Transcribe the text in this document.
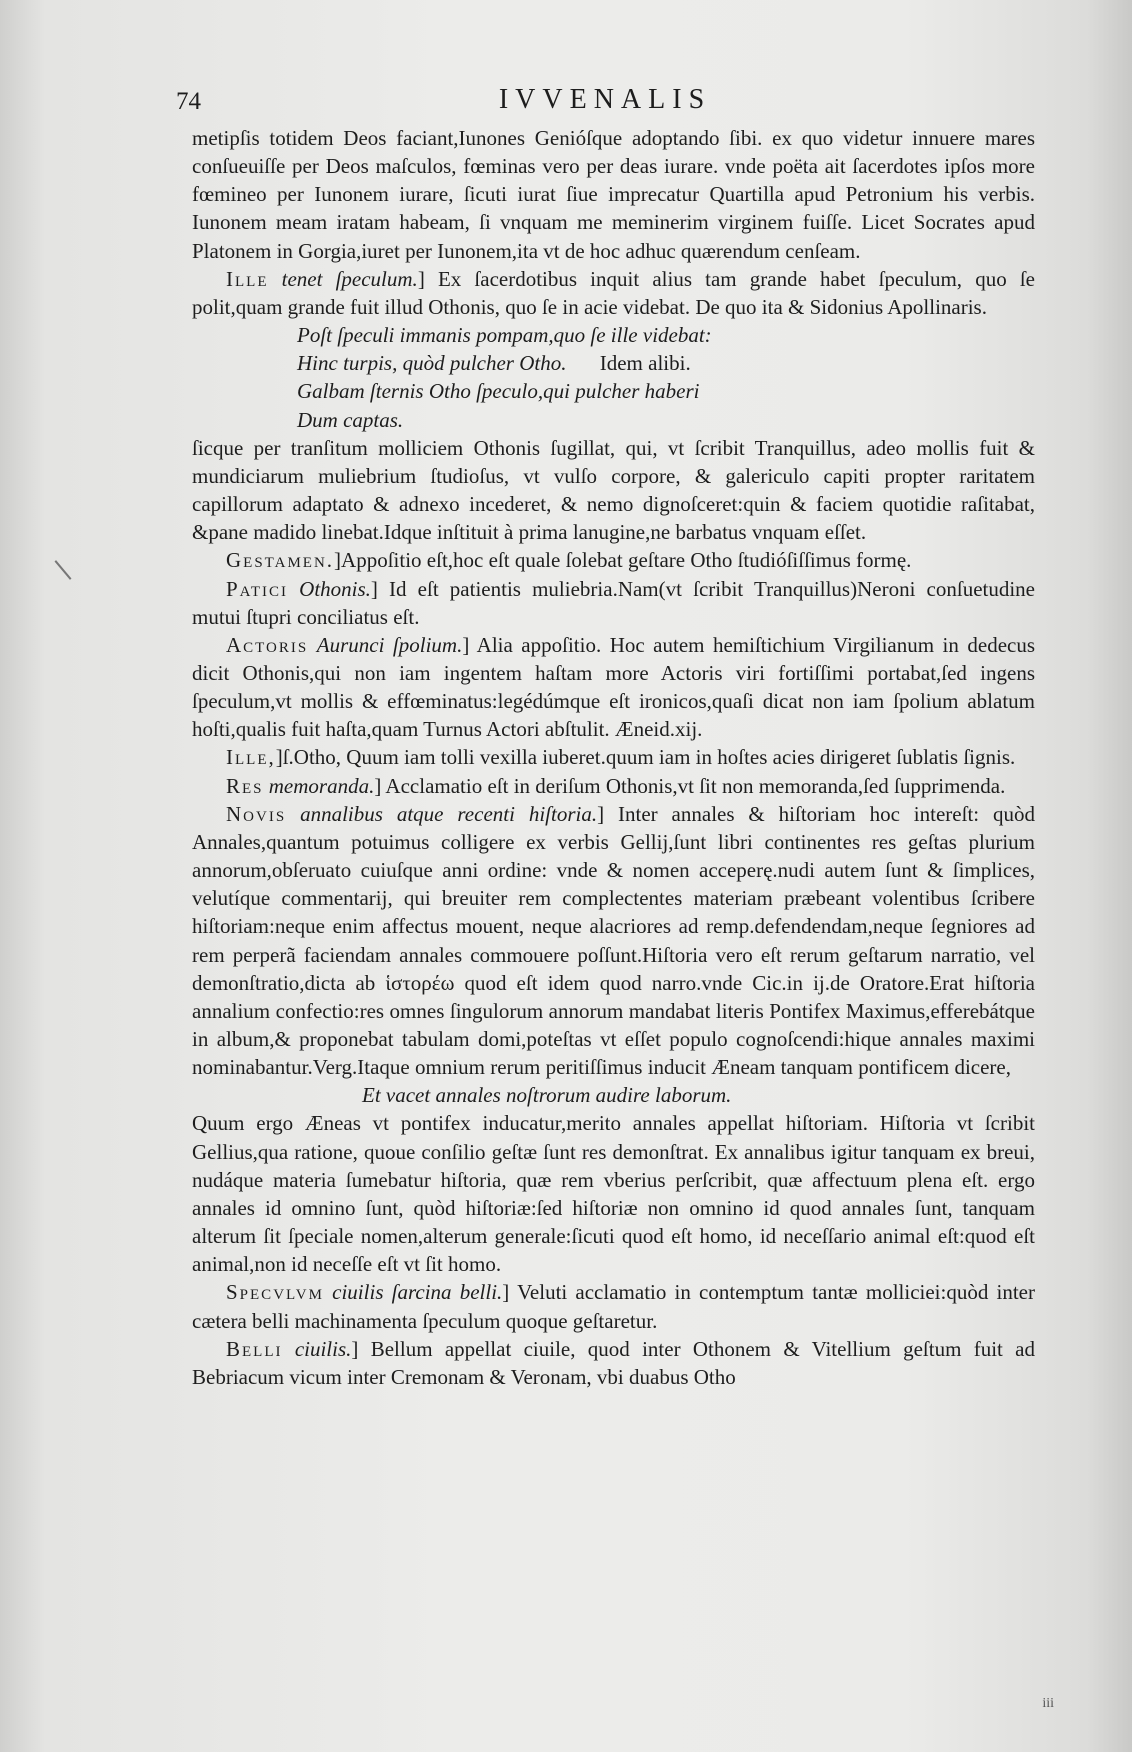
74	IVVENALIS

metipſis totidem Deos faciant,Iunones Genióſque adoptando ſibi. ex quo videtur innuere mares conſueuiſſe per Deos maſculos, fœminas vero per deas iurare. vnde poëta ait ſacerdotes ipſos more fœmineo per Iunonem iurare, ſicuti iurat ſiue imprecatur Quartilla apud Petronium his verbis. Iunonem meam iratam habeam, ſi vnquam me meminerim virginem fuiſſe. Licet Socrates apud Platonem in Gorgia,iuret per Iunonem,ita vt de hoc adhuc quærendum cenſeam.

Ille tenet ſpeculum.] Ex ſacerdotibus inquit alius tam grande habet ſpeculum, quo ſe polit,quam grande fuit illud Othonis, quo ſe in acie videbat. De quo ita & Sidonius Apollinaris.

Poſt ſpeculi immanis pompam,quo ſe ille videbat:

Hinc turpis, quòd pulcher Otho. Idem alibi.

Galbam ſternis Otho ſpeculo,qui pulcher haberi

Dum captas.

ſicque per tranſitum molliciem Othonis ſugillat, qui, vt ſcribit Tranquillus, adeo mollis fuit & mundiciarum muliebrium ſtudioſus, vt vulſo corpore, & galericulo capiti propter raritatem capillorum adaptato & adnexo incederet, & nemo dignoſceret:quin & faciem quotidie raſitabat, &pane madido linebat.Idque inſtituit à prima lanugine,ne barbatus vnquam eſſet.

Gestamen.]Appoſitio eſt,hoc eſt quale ſolebat geſtare Otho ſtudióſiſſimus formę.

Patici Othonis.] Id eſt patientis muliebria.Nam(vt ſcribit Tranquillus)Neroni conſuetudine mutui ſtupri conciliatus eſt.

Actoris Aurunci ſpolium.] Alia appoſitio. Hoc autem hemiſtichium Virgilianum in dedecus dicit Othonis,qui non iam ingentem haſtam more Actoris viri fortiſſimi portabat,ſed ingens ſpeculum,vt mollis & effœminatus:legédúmque eſt ironicos,quaſi dicat non iam ſpolium ablatum hoſti,qualis fuit haſta,quam Turnus Actori abſtulit. Æneid.xij.

Ille,]ſ.Otho, Quum iam tolli vexilla iuberet.quum iam in hoſtes acies dirigeret ſublatis ſignis.

Res memoranda.] Acclamatio eſt in deriſum Othonis,vt ſit non memoranda,ſed ſupprimenda.

Novis annalibus atque recenti hiſtoria.] Inter annales & hiſtoriam hoc intereſt: quòd Annales,quantum potuimus colligere ex verbis Gellij,ſunt libri continentes res geſtas plurium annorum,obſeruato cuiuſque anni ordine: vnde & nomen acceperę.nudi autem ſunt & ſimplices, velutíque commentarij, qui breuiter rem complectentes materiam præbeant volentibus ſcribere hiſtoriam:neque enim affectus mouent, neque alacriores ad remp.defendendam,neque ſegniores ad rem perperã faciendam annales commouere poſſunt.Hiſtoria vero eſt rerum geſtarum narratio, vel demonſtratio,dicta ab ἱστορέω quod eſt idem quod narro.vnde Cic.in ij.de Oratore.Erat hiſtoria annalium confectio:res omnes ſingulorum annorum mandabat literis Pontifex Maximus,efferebátque in album,& proponebat tabulam domi,poteſtas vt eſſet populo cognoſcendi:hique annales maximi nominabantur.Verg.Itaque omnium rerum peritiſſimus inducit Æneam tanquam pontificem dicere,

Et vacet annales noſtrorum audire laborum.

Quum ergo Æneas vt pontifex inducatur,merito annales appellat hiſtoriam. Hiſtoria vt ſcribit Gellius,qua ratione, quoue conſilio geſtæ ſunt res demonſtrat. Ex annalibus igitur tanquam ex breui, nudáque materia ſumebatur hiſtoria, quæ rem vberius perſcribit, quæ affectuum plena eſt. ergo annales id omnino ſunt, quòd hiſtoriæ:ſed hiſtoriæ non omnino id quod annales ſunt, tanquam alterum ſit ſpeciale nomen,alterum generale:ſicuti quod eſt homo, id neceſſario animal eſt:quod eſt animal,non id neceſſe eſt vt ſit homo.

Specvlvm ciuilis ſarcina belli.] Veluti acclamatio in contemptum tantæ molliciei:quòd inter cætera belli machinamenta ſpeculum quoque geſtaretur.

Belli ciuilis.] Bellum appellat ciuile, quod inter Othonem & Vitellium geſtum fuit ad Bebriacum vicum inter Cremonam & Veronam, vbi duabus Otho

iii
